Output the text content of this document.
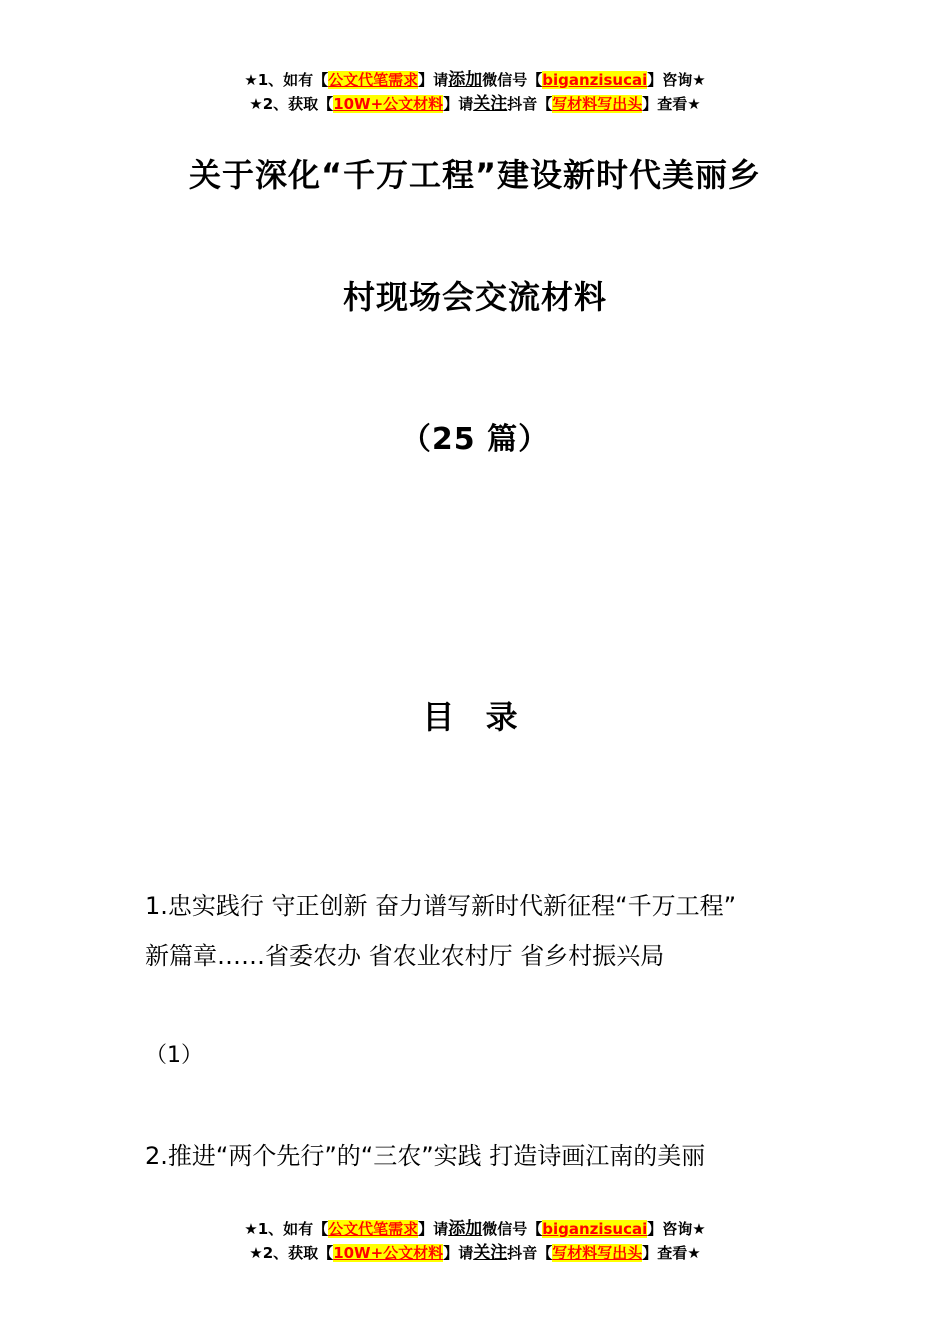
★1、如有【公文代笔需求】请添加微信号【biganzisucai】咨询★
★2、获取【10W+公文材料】请关注抖音【写材料写出头】查看★
关于深化“千万工程”建设新时代美丽乡
村现场会交流材料
（25 篇）
目 录
1.忠实践行 守正创新 奋力谱写新时代新征程“千万工程”
新篇章……省委农办 省农业农村厅 省乡村振兴局
（1）
2.推进“两个先行”的“三农”实践 打造诗画江南的美丽
★1、如有【公文代笔需求】请添加微信号【biganzisucai】咨询★
★2、获取【10W+公文材料】请关注抖音【写材料写出头】查看★
